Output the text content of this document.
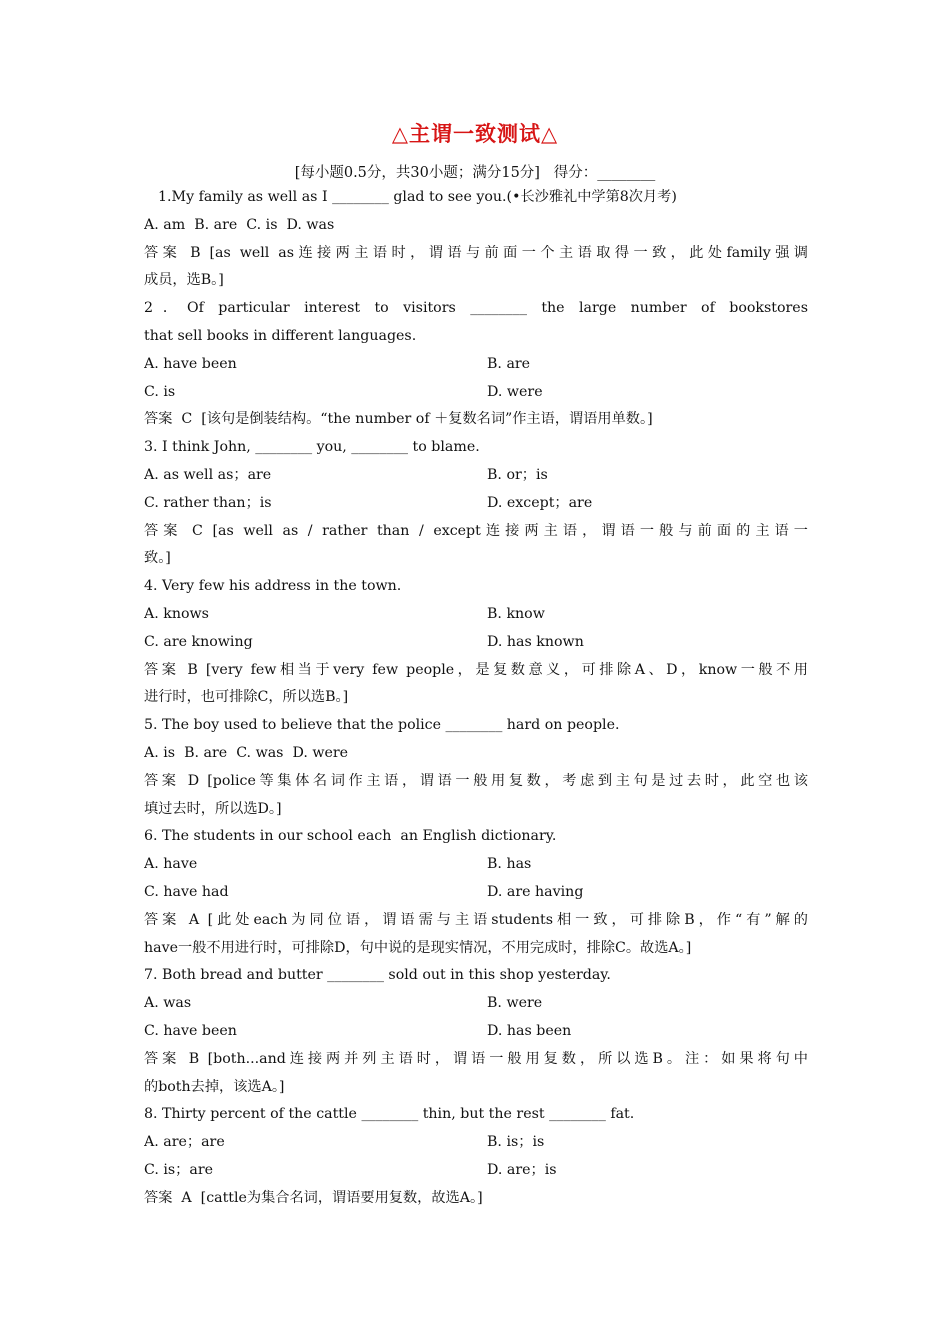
△主谓一致测试△
[每小题0.5分，共30小题；满分15分]   得分：________
1.My family as well as I ________ glad to see you.(•长沙雅礼中学第8次月考)
A. am  B. are  C. is  D. was
答案 B [as well as连接两主语时，谓语与前面一个主语取得一致，此处family强调
成员，选B。]
2．Of particular interest to visitors ________ the large number of bookstores
that sell books in different languages.
A. have been	B. are
C. is	D. were
答案  C  [该句是倒装结构。“the number of ＋复数名词”作主语，谓语用单数。]
3. I think John, ________ you, ________ to blame.
A. as well as；are	B. or；is
C. rather than；is	D. except；are
答案 C [as well as / rather than / except连接两主语，谓语一般与前面的主语一
致。]
4. Very few his address in the town.
A. knows	B. know
C. are knowing	D. has known
答案 B [very few相当于very few people，是复数意义，可排除A、D，know一般不用
进行时，也可排除C，所以选B。]
5. The boy used to believe that the police ________ hard on people.
A. is  B. are  C. was  D. were
答案 D [police等集体名词作主语，谓语一般用复数，考虑到主句是过去时，此空也该
填过去时，所以选D。]
6. The students in our school each  an English dictionary.
A. have	B. has
C. have had	D. are having
答案 A [此处each为同位语，谓语需与主语students相一致，可排除B，作“有”解的
have一般不用进行时，可排除D，句中说的是现实情况，不用完成时，排除C。故选A。]
7. Both bread and butter ________ sold out in this shop yesterday.
A. was	B. were
C. have been	D. has been
答案 B [both...and连接两并列主语时，谓语一般用复数，所以选B。注：如果将句中
的both去掉，该选A。]
8. Thirty percent of the cattle ________ thin, but the rest ________ fat.
A. are；are	B. is；is
C. is；are	D. are；is
答案  A  [cattle为集合名词，谓语要用复数，故选A。]
